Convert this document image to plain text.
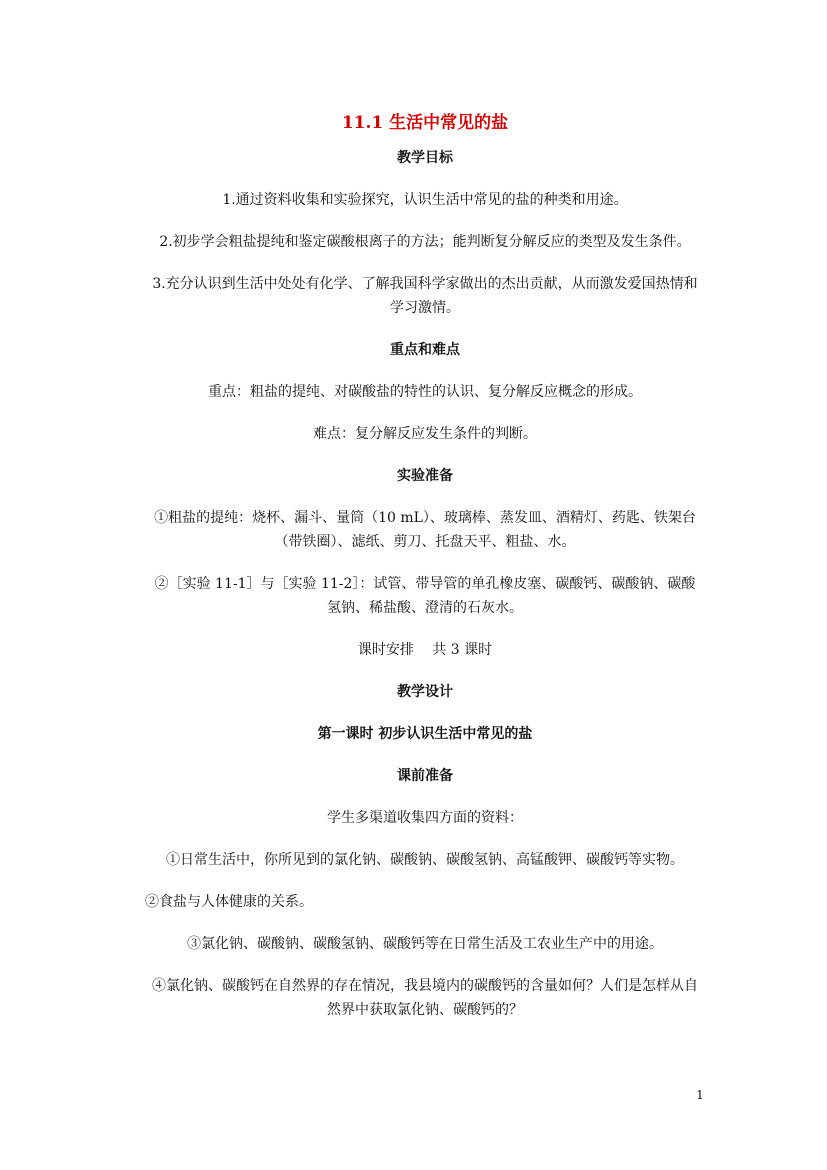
11.1 生活中常见的盐
教学目标
1.通过资料收集和实验探究，认识生活中常见的盐的种类和用途。
2.初步学会粗盐提纯和鉴定碳酸根离子的方法；能判断复分解反应的类型及发生条件。
3.充分认识到生活中处处有化学、了解我国科学家做出的杰出贡献，从而激发爱国热情和
学习激情。
重点和难点
重点：粗盐的提纯、对碳酸盐的特性的认识、复分解反应概念的形成。
难点：复分解反应发生条件的判断。
实验准备
①粗盐的提纯：烧杯、漏斗、量筒（10 mL）、玻璃棒、蒸发皿、酒精灯、药匙、铁架台
（带铁圈）、滤纸、剪刀、托盘天平、粗盐、水。
②［实验 11-1］与［实验 11-2］：试管、带导管的单孔橡皮塞、碳酸钙、碳酸钠、碳酸
氢钠、稀盐酸、澄清的石灰水。
课时安排　 共 3 课时
教学设计
第一课时 初步认识生活中常见的盐
课前准备
学生多渠道收集四方面的资料：
①日常生活中，你所见到的氯化钠、碳酸钠、碳酸氢钠、高锰酸钾、碳酸钙等实物。
②食盐与人体健康的关系。
③氯化钠、碳酸钠、碳酸氢钠、碳酸钙等在日常生活及工农业生产中的用途。
④氯化钠、碳酸钙在自然界的存在情况，我县境内的碳酸钙的含量如何？人们是怎样从自
然界中获取氯化钠、碳酸钙的？
1
